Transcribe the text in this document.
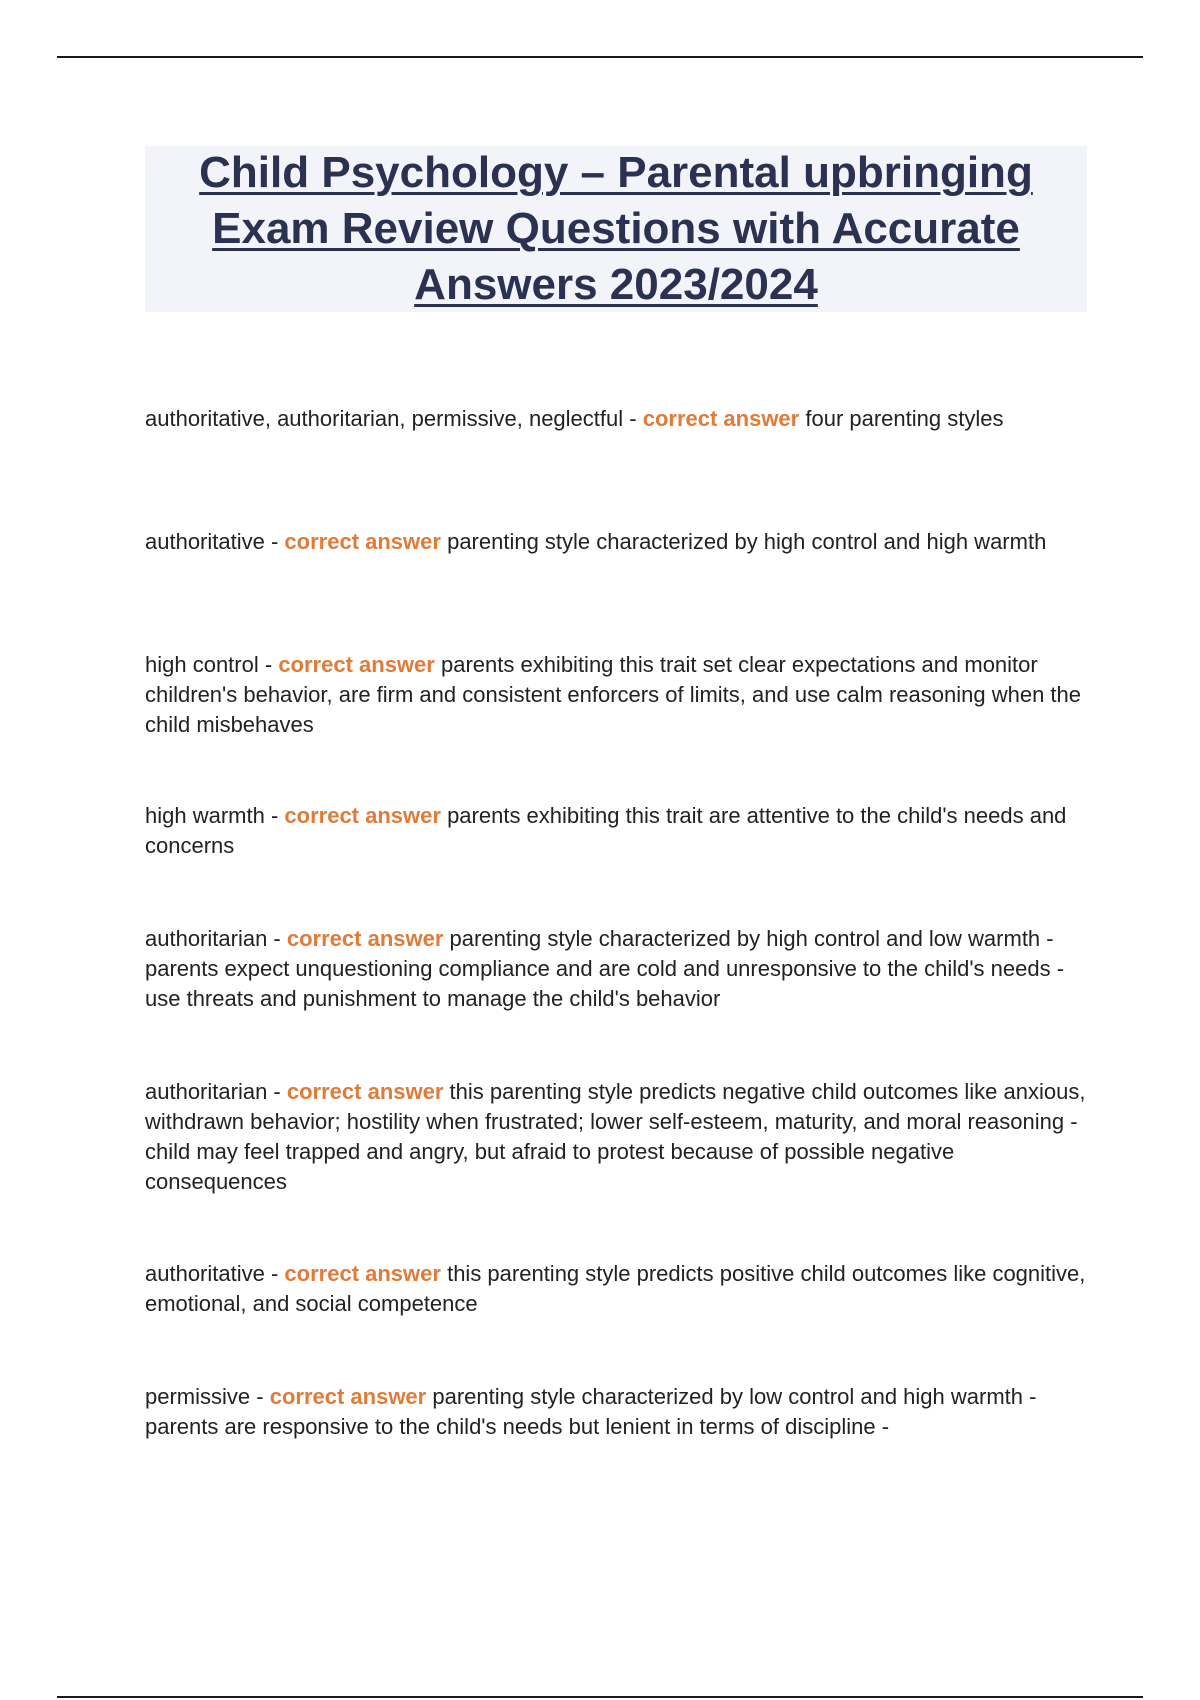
Child Psychology – Parental upbringing Exam Review Questions with Accurate Answers 2023/2024

authoritative, authoritarian, permissive, neglectful - correct answer four parenting styles

authoritative - correct answer parenting style characterized by high control and high warmth

high control - correct answer parents exhibiting this trait set clear expectations and monitor children's behavior, are firm and consistent enforcers of limits, and use calm reasoning when the child misbehaves

high warmth - correct answer parents exhibiting this trait are attentive to the child's needs and concerns

authoritarian - correct answer parenting style characterized by high control and low warmth - parents expect unquestioning compliance and are cold and unresponsive to the child's needs - use threats and punishment to manage the child's behavior

authoritarian - correct answer this parenting style predicts negative child outcomes like anxious, withdrawn behavior; hostility when frustrated; lower self-esteem, maturity, and moral reasoning - child may feel trapped and angry, but afraid to protest because of possible negative consequences

authoritative - correct answer this parenting style predicts positive child outcomes like cognitive, emotional, and social competence

permissive - correct answer parenting style characterized by low control and high warmth - parents are responsive to the child's needs but lenient in terms of discipline -
